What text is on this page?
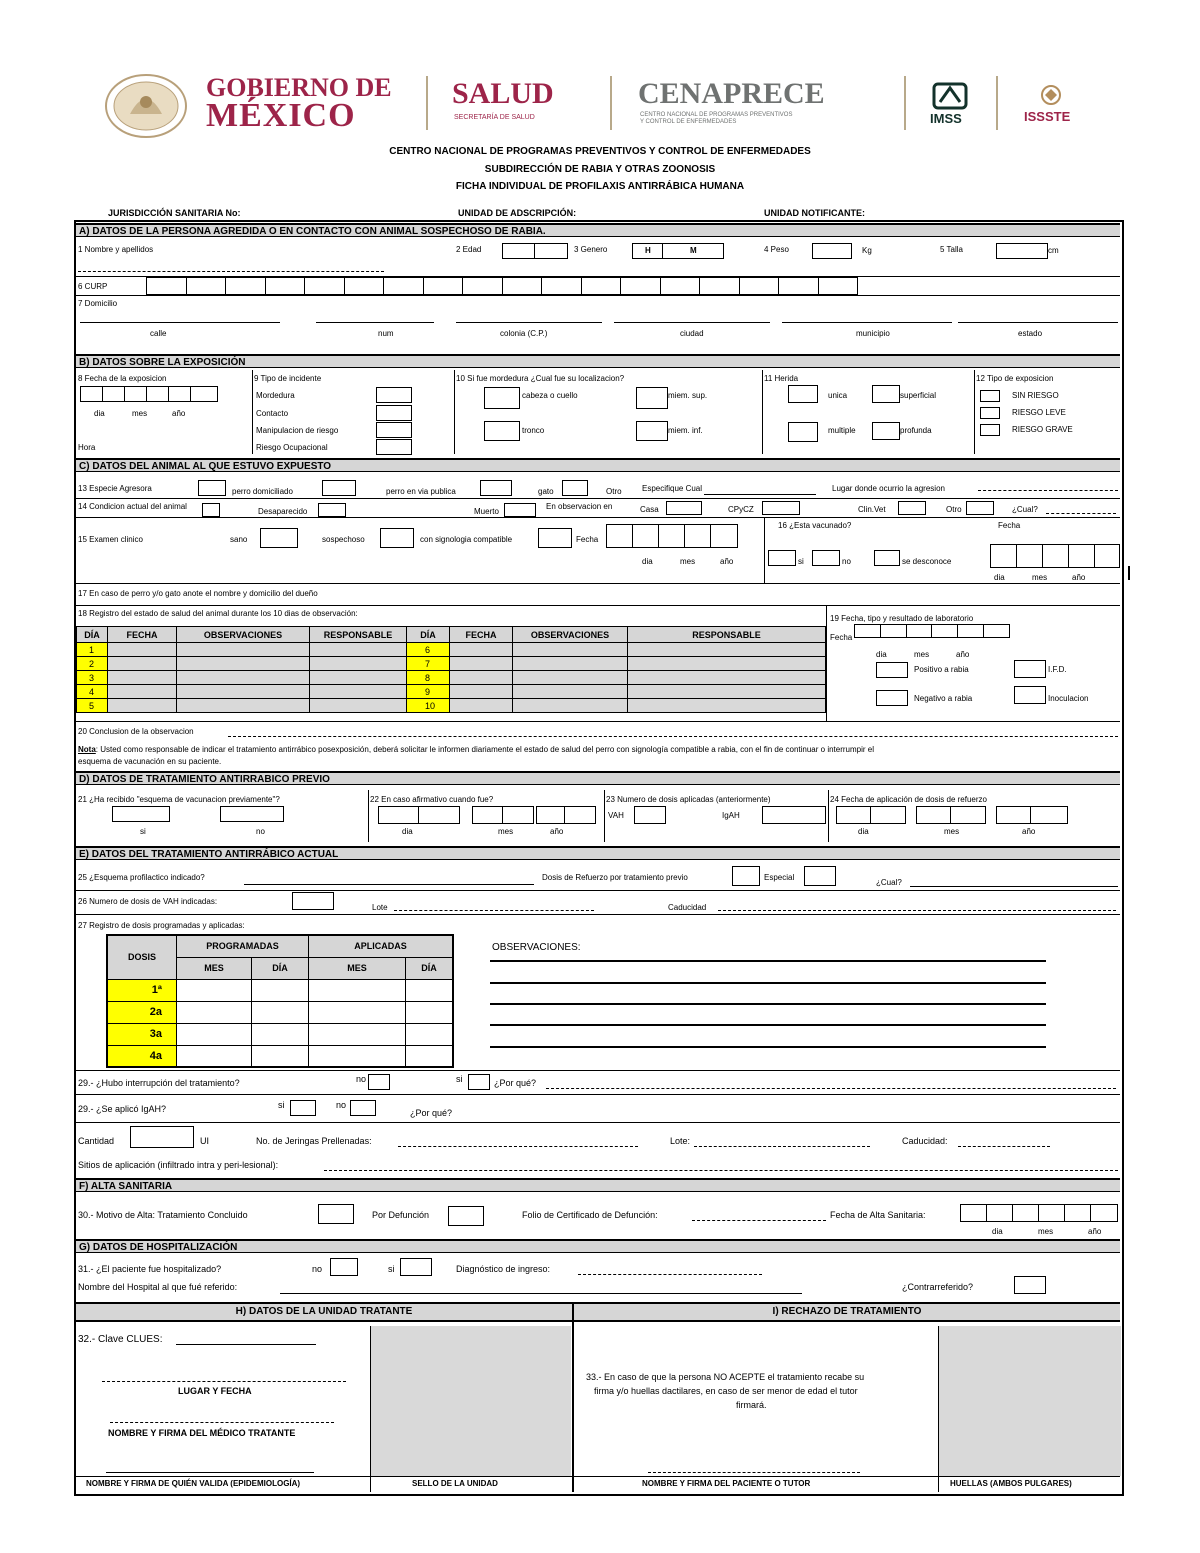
GOBIERNO DE
MÉXICO
SALUD
SECRETARÍA DE SALUD
CENAPRECE
CENTRO NACIONAL DE PROGRAMAS PREVENTIVOS
Y CONTROL DE ENFERMEDADES	IMSS	ISSSTE
CENTRO NACIONAL DE PROGRAMAS PREVENTIVOS Y CONTROL DE ENFERMEDADES
SUBDIRECCIÓN DE RABIA Y OTRAS ZOONOSIS
FICHA INDIVIDUAL DE PROFILAXIS ANTIRRÁBICA HUMANA
JURISDICCIÓN SANITARIA No:	UNIDAD DE ADSCRIPCIÓN:	UNIDAD NOTIFICANTE:
A) DATOS DE LA PERSONA AGREDIDA O EN CONTACTO CON ANIMAL SOSPECHOSO DE RABIA.
1 Nombre y apellidos	2 Edad	3 Genero	H	M	4 Peso	Kg	5 Talla	cm
6 CURP
7 Domicilio
calle	num	colonia (C.P.)	ciudad	municipio	estado
B) DATOS SOBRE LA EXPOSICIÓN
8 Fecha de la exposicion
dia	mes	año
Hora
9 Tipo de incidente
Mordedura
Contacto
Manipulacion de riesgo
Riesgo Ocupacional
10 Si fue mordedura ¿Cual fue su localizacion?
cabeza o cuello	miem. sup.
tronco	miem. inf.
11 Herida
unica	superficial
multiple	profunda
12 Tipo de exposicion
SIN RIESGO
RIESGO LEVE
RIESGO GRAVE
C) DATOS DEL ANIMAL AL QUE ESTUVO EXPUESTO
13 Especie Agresora	perro domiciliado	perro en via publica	gato	Otro	Especifique Cual	Lugar donde ocurrio la agresion
14 Condicion actual del animal
Desaparecido	Muerto
En observacion en	Casa	CPyCZ	Clin.Vet	Otro	¿Cual?
15 Examen clinico	sano	sospechoso	con signologia compatible	Fecha
dia	mes	año
16 ¿Esta vacunado?	Fecha
si	no	se desconoce
dia	mes	año
17 En caso de perro y/o gato anote el nombre y domicilio del dueño
18 Registro del estado de salud del animal durante los 10 dias de observación:
DÍA	FECHA	OBSERVACIONES	RESPONSABLE	DÍA	FECHA	OBSERVACIONES	RESPONSABLE
1				6			
2				7			
3				8			
4				9			
5				10			
19 Fecha, tipo y resultado de laboratorio
Fecha
dia	mes	año
Positivo a rabia	I.F.D.
Negativo a rabia	Inoculacion
20 Conclusion de la observacion
Nota: Usted como responsable de indicar el tratamiento antirrábico posexposición, deberá solicitar le informen diariamente el estado de salud del perro con signología compatible a rabia, con el fin de continuar o interrumpir el
esquema de vacunación en su paciente.
D) DATOS DE TRATAMIENTO ANTIRRABICO PREVIO
21 ¿Ha recibido "esquema de vacunacion previamente"?
si	no
22 En caso afirmativo cuando fue?
dia	mes	año
23 Numero de dosis aplicadas (anteriormente)
VAH	IgAH
24 Fecha de aplicación de dosis de refuerzo
dia	mes	año
E) DATOS DEL TRATAMIENTO ANTIRRÁBICO ACTUAL
25 ¿Esquema profilactico indicado?	Dosis de Refuerzo por tratamiento previo	Especial
¿Cual?
26 Numero de dosis de VAH indicadas:
Lote	Caducidad
27 Registro de dosis programadas y aplicadas:
DOSIS	PROGRAMADAS		APLICADAS	
	MES	DÍA	MES	DÍA
1ª				
2a				
3a				
4a				
OBSERVACIONES:
29.- ¿Hubo interrupción del tratamiento?	no	si	¿Por qué?
29.- ¿Se aplicó IgAH?	si	no
¿Por qué?
Cantidad	UI	No. de Jeringas Prellenadas:	Lote:	Caducidad:
Sitios de aplicación (infiltrado intra y peri-lesional):
F) ALTA SANITARIA
30.- Motivo de Alta: Tratamiento Concluido	Por Defunción	Folio de Certificado de Defunción:	Fecha de Alta Sanitaria:
dia	mes	año
G) DATOS DE HOSPITALIZACIÓN
31.- ¿El paciente fue hospitalizado?	no	si	Diagnóstico de ingreso:
Nombre del Hospital al que fué referido:	¿Contrarreferido?
H) DATOS DE LA UNIDAD TRATANTE	I) RECHAZO DE TRATAMIENTO
32.- Clave CLUES:
LUGAR Y FECHA
NOMBRE Y FIRMA DEL MÉDICO TRATANTE
NOMBRE Y FIRMA DE QUIÉN VALIDA (EPIDEMIOLOGÍA)	SELLO DE LA UNIDAD
33.- En caso de que la persona NO ACEPTE el tratamiento recabe su
firma y/o huellas dactilares, en caso de ser menor de edad el tutor
firmará.
NOMBRE Y FIRMA DEL PACIENTE O TUTOR	HUELLAS (AMBOS PULGARES)
